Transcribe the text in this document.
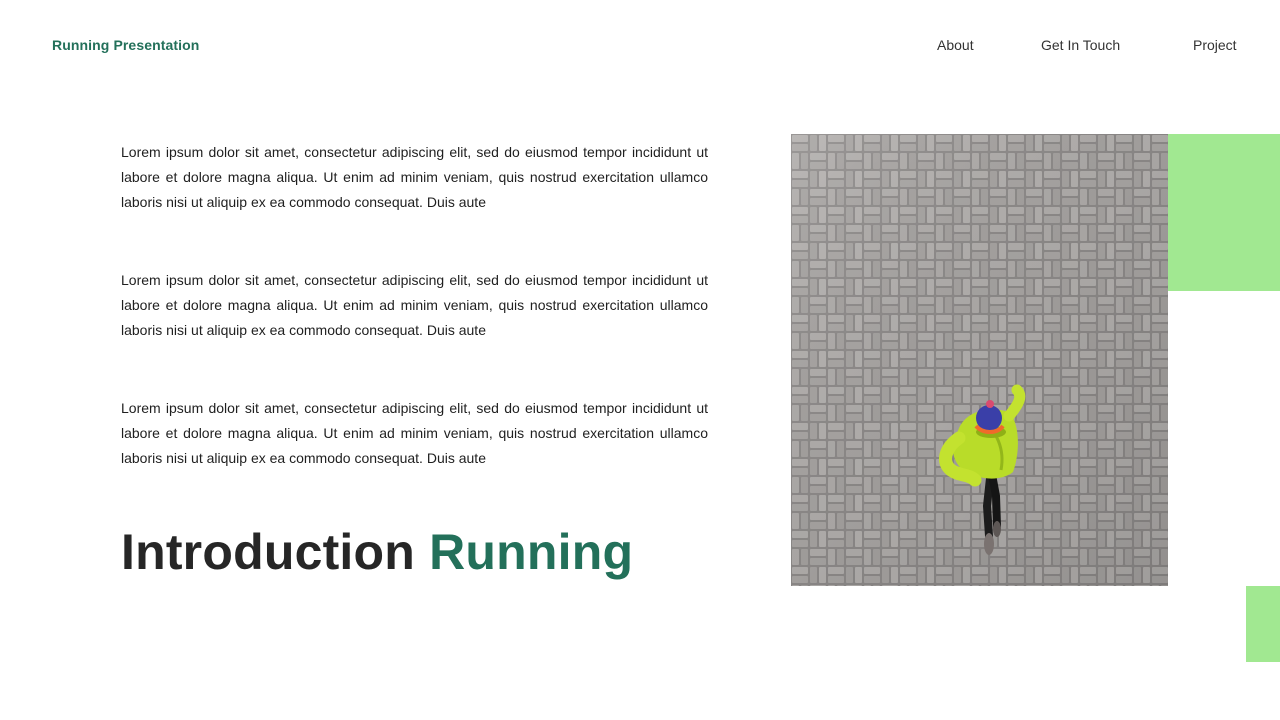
Running Presentation	About	Get In Touch	Project

Lorem ipsum dolor sit amet, consectetur adipiscing elit, sed do eiusmod tempor incididunt ut labore et dolore magna aliqua. Ut enim ad minim veniam, quis nostrud exercitation ullamco laboris nisi ut aliquip ex ea commodo consequat. Duis aute

Lorem ipsum dolor sit amet, consectetur adipiscing elit, sed do eiusmod tempor incididunt ut labore et dolore magna aliqua. Ut enim ad minim veniam, quis nostrud exercitation ullamco laboris nisi ut aliquip ex ea commodo consequat. Duis aute

Lorem ipsum dolor sit amet, consectetur adipiscing elit, sed do eiusmod tempor incididunt ut labore et dolore magna aliqua. Ut enim ad minim veniam, quis nostrud exercitation ullamco laboris nisi ut aliquip ex ea commodo consequat. Duis aute

Introduction Running
